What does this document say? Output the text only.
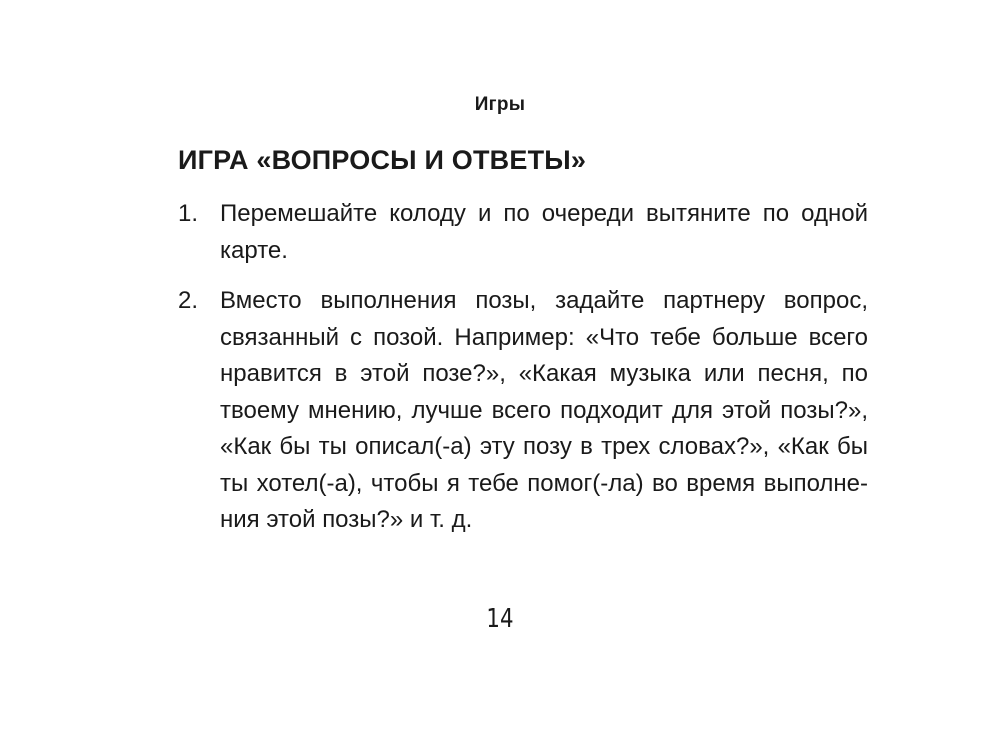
Игры
ИГРА «ВОПРОСЫ И ОТВЕТЫ»
1. Перемешайте колоду и по очереди вытяните по одной
карте.
2. Вместо выполнения позы, задайте партнеру вопрос,
связанный с позой. Например: «Что тебе больше всего
нравится в этой позе?», «Какая музыка или песня, по
твоему мнению, лучше всего подходит для этой позы?»,
«Как бы ты описал(-а) эту позу в трех словах?», «Как бы
ты хотел(-а), чтобы я тебе помог(-ла) во время выполне-
ния этой позы?» и т. д.
14
